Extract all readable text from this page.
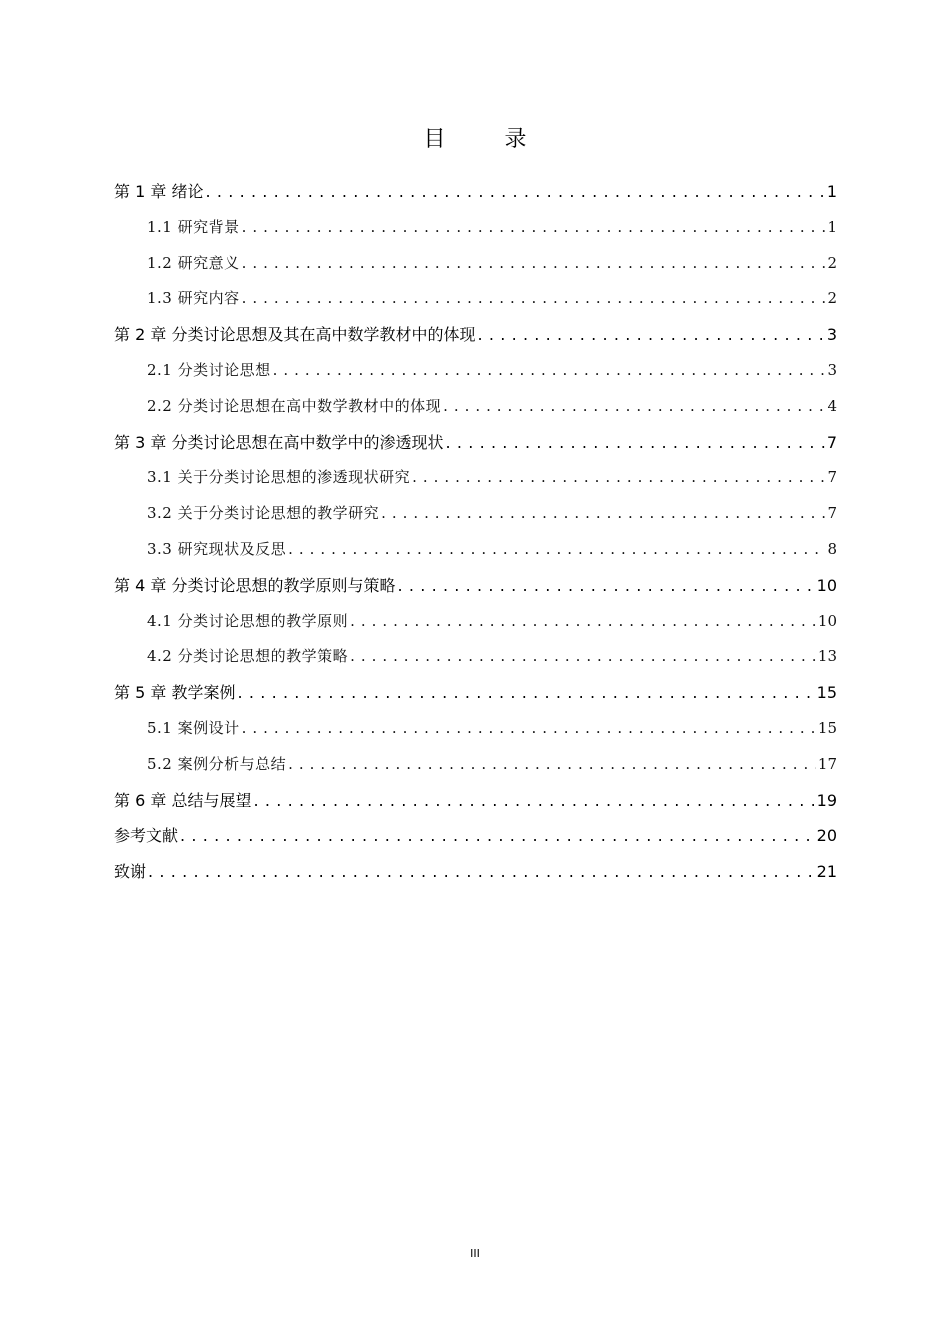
目 录
第 1 章 绪论 . . .	1
1.1 研究背景 . . .	1
1.2 研究意义 . . .	2
1.3 研究内容 . . .	2
第 2 章 分类讨论思想及其在高中数学教材中的体现 . . .	3
2.1 分类讨论思想 . . .	3
2.2 分类讨论思想在高中数学教材中的体现 . . .	4
第 3 章 分类讨论思想在高中数学中的渗透现状 . . .	7
3.1 关于分类讨论思想的渗透现状研究 . . .	7
3.2 关于分类讨论思想的教学研究 . . .	7
3.3 研究现状及反思 . . .	8
第 4 章 分类讨论思想的教学原则与策略 . . .	10
4.1 分类讨论思想的教学原则 . . .	10
4.2 分类讨论思想的教学策略 . . .	13
第 5 章 教学案例 . . .	15
5.1 案例设计 . . .	15
5.2 案例分析与总结 . . .	17
第 6 章 总结与展望 . . .	19
参考文献 . . .	20
致谢 . . .	21
III
